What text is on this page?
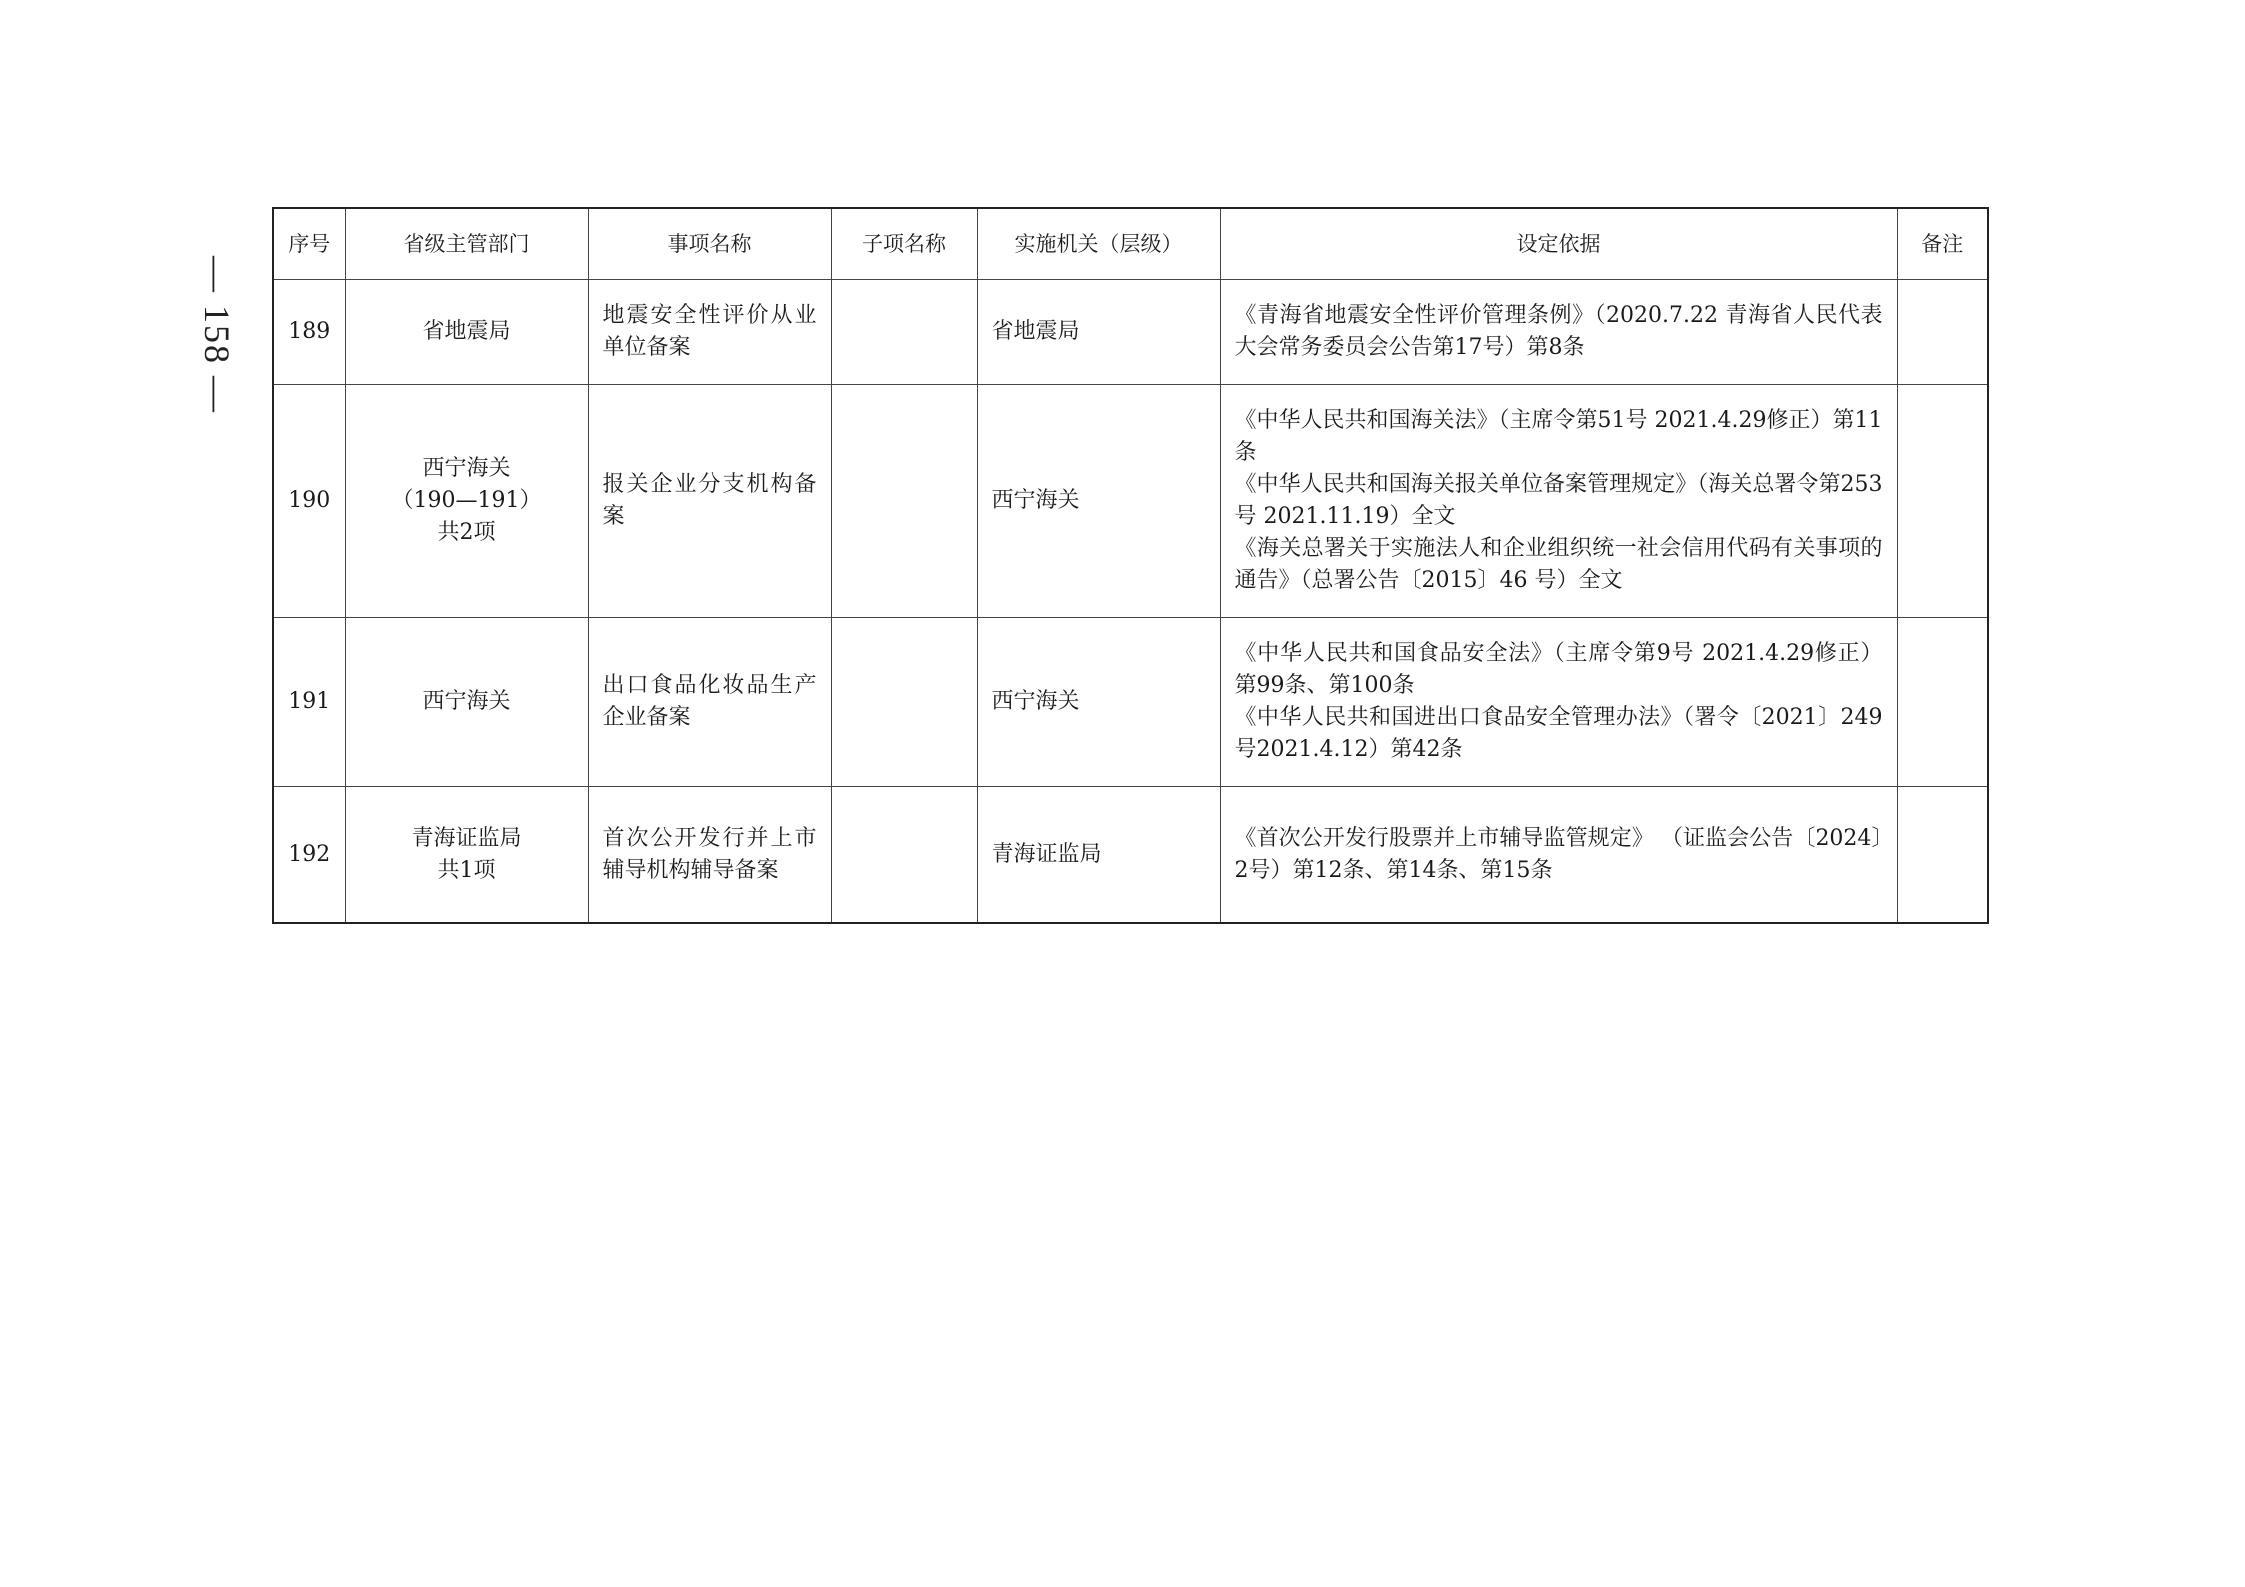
— 158 —
序号	省级主管部门	事项名称	子项名称	实施机关（层级）	设定依据	备注
189	省地震局	地震安全性评价从业单位备案		省地震局	《青海省地震安全性评价管理条例》（2020.7.22 青海省人民代表大会常务委员会公告第17号）第8条	

190	西宁海关
（190—191）
共2项	报关企业分支机构备案		西宁海关	《中华人民共和国海关法》（主席令第51号 2021.4.29修正）第11条
《中华人民共和国海关报关单位备案管理规定》（海关总署令第253号 2021.11.19）全文
《海关总署关于实施法人和企业组织统一社会信用代码有关事项的通告》（总署公告〔2015〕46 号）全文	

191	西宁海关	出口食品化妆品生产企业备案		西宁海关	《中华人民共和国食品安全法》（主席令第9号 2021.4.29修正）第99条、第100条
《中华人民共和国进出口食品安全管理办法》（署令〔2021〕249号2021.4.12）第42条	

192	青海证监局
共1项	首次公开发行并上市辅导机构辅导备案		青海证监局	《首次公开发行股票并上市辅导监管规定》 （证监会公告〔2024〕2号）第12条、第14条、第15条	
